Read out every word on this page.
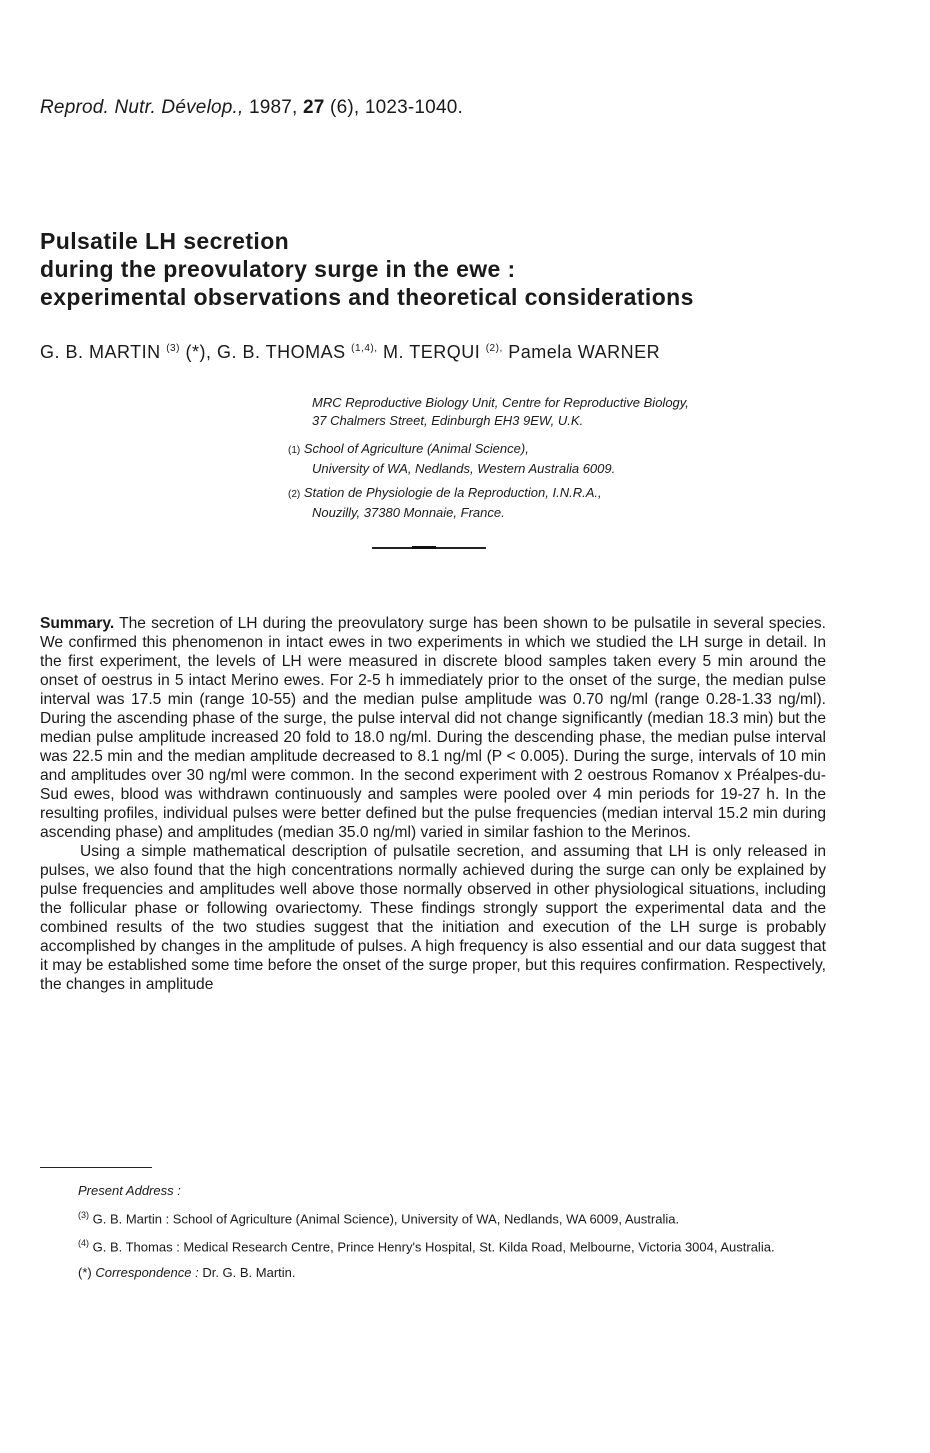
Reprod. Nutr. Dévelop., 1987, 27 (6), 1023-1040.
Pulsatile LH secretion
during the preovulatory surge in the ewe :
experimental observations and theoretical considerations
G. B. MARTIN $^{(3)}$ (*), G. B. THOMAS $^{(1,4),}$ M. TERQUI $^{(2),}$ Pamela WARNER
MRC Reproductive Biology Unit, Centre for Reproductive Biology,
37 Chalmers Street, Edinburgh EH3 9EW, U.K.
(1) School of Agriculture (Animal Science),
University of WA, Nedlands, Western Australia 6009.
(2) Station de Physiologie de la Reproduction, I.N.R.A.,
Nouzilly, 37380 Monnaie, France.

Summary. The secretion of LH during the preovulatory surge has been shown to be pulsatile in several species. We confirmed this phenomenon in intact ewes in two experiments in which we studied the LH surge in detail. In the first experiment, the levels of LH were measured in discrete blood samples taken every 5 min around the onset of oestrus in 5 intact Merino ewes. For 2-5 h immediately prior to the onset of the surge, the median pulse interval was 17.5 min (range 10-55) and the median pulse amplitude was 0.70 ng/ml (range 0.28-1.33 ng/ml). During the ascending phase of the surge, the pulse interval did not change significantly (median 18.3 min) but the median pulse amplitude increased 20 fold to 18.0 ng/ml. During the descending phase, the median pulse interval was 22.5 min and the median amplitude decreased to 8.1 ng/ml (P < 0.005). During the surge, intervals of 10 min and amplitudes over 30 ng/ml were common. In the second experiment with 2 oestrous Romanov x Préalpes-du-Sud ewes, blood was withdrawn continuously and samples were pooled over 4 min periods for 19-27 h. In the resulting profiles, individual pulses were better defined but the pulse frequencies (median interval 15.2 min during ascending phase) and amplitudes (median 35.0 ng/ml) varied in similar fashion to the Merinos.

Using a simple mathematical description of pulsatile secretion, and assuming that LH is only released in pulses, we also found that the high concentrations normally achieved during the surge can only be explained by pulse frequencies and amplitudes well above those normally observed in other physiological situations, including the follicular phase or following ovariectomy. These findings strongly support the experimental data and the combined results of the two studies suggest that the initiation and execution of the LH surge is probably accomplished by changes in the amplitude of pulses. A high frequency is also essential and our data suggest that it may be established some time before the onset of the surge proper, but this requires confirmation. Respectively, the changes in amplitude

Present Address :

$^{(3)}$ G. B. Martin : School of Agriculture (Animal Science), University of WA, Nedlands, WA 6009, Australia.

$^{(4)}$ G. B. Thomas : Medical Research Centre, Prince Henry's Hospital, St. Kilda Road, Melbourne, Victoria 3004, Australia.

(*) Correspondence : Dr. G. B. Martin.
